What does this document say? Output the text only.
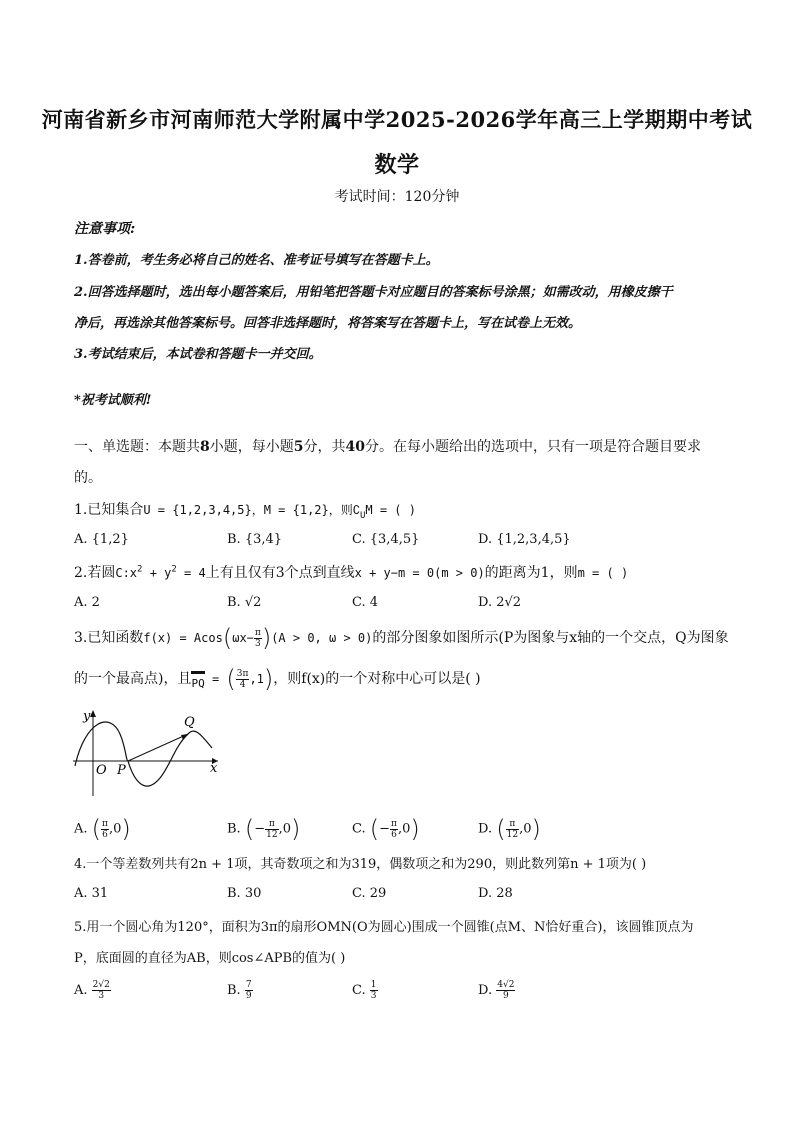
河南省新乡市河南师范大学附属中学2025-2026学年高三上学期期中考试
数学
考试时间：120分钟
注意事项:
1.答卷前，考生务必将自己的姓名、准考证号填写在答题卡上。
2.回答选择题时，选出每小题答案后，用铅笔把答题卡对应题目的答案标号涂黑；如需改动，用橡皮擦干
净后，再选涂其他答案标号。回答非选择题时，将答案写在答题卡上，写在试卷上无效。
3.考试结束后，本试卷和答题卡一并交回。
*祝考试顺利!
一、单选题：本题共8小题，每小题5分，共40分。在每小题给出的选项中，只有一项是符合题目要求
的。
1.已知集合U = {1,2,3,4,5}，M = {1,2}，则$∁_UM$ = ( )
A. {1,2}	B. {3,4}	C. {3,4,5}	D. {1,2,3,4,5}
2.若圆$C:x^2 + y^2 = 4$上有且仅有3个点到直线x + y−m = 0(m > 0)的距离为1，则m = ( )
A. 2	B. √2	C. 4	D. 2√2
3.已知函数$f(x) = Acos(\omega x- \frac{\pi}{3} )(A > 0$, ω > 0)的部分图象如图所示(P为图象与x轴的一个交点，Q为图象
的一个最高点)，且
PQ = ( $\frac{3\pi}{4} ,1$)，则f(x)的一个对称中心可以是( )
y
x
O P
Q
A. ( $\frac{\pi}{6} ,0$)	B. (− $\frac{\pi}{12} ,0$)	C. (− $\frac{\pi}{6} ,0$)	D. ( $\frac{\pi}{12} ,0$)
4.一个等差数列共有2n + 1项，其奇数项之和为319，偶数项之和为290，则此数列第n + 1项为( )
A. 31	B. 30	C. 29	D. 28
5.用一个圆心角为120°，面积为3π的扇形OMN(O为圆心)围成一个圆锥(点M、N恰好重合)，该圆锥顶点为
P，底面圆的直径为AB，则cos∠APB的值为( )
A. $\frac{2√2}{3}$	B. $\frac{7}{9}$	C. $\frac{1}{3}$	D. $\frac{4√2}{9}$
